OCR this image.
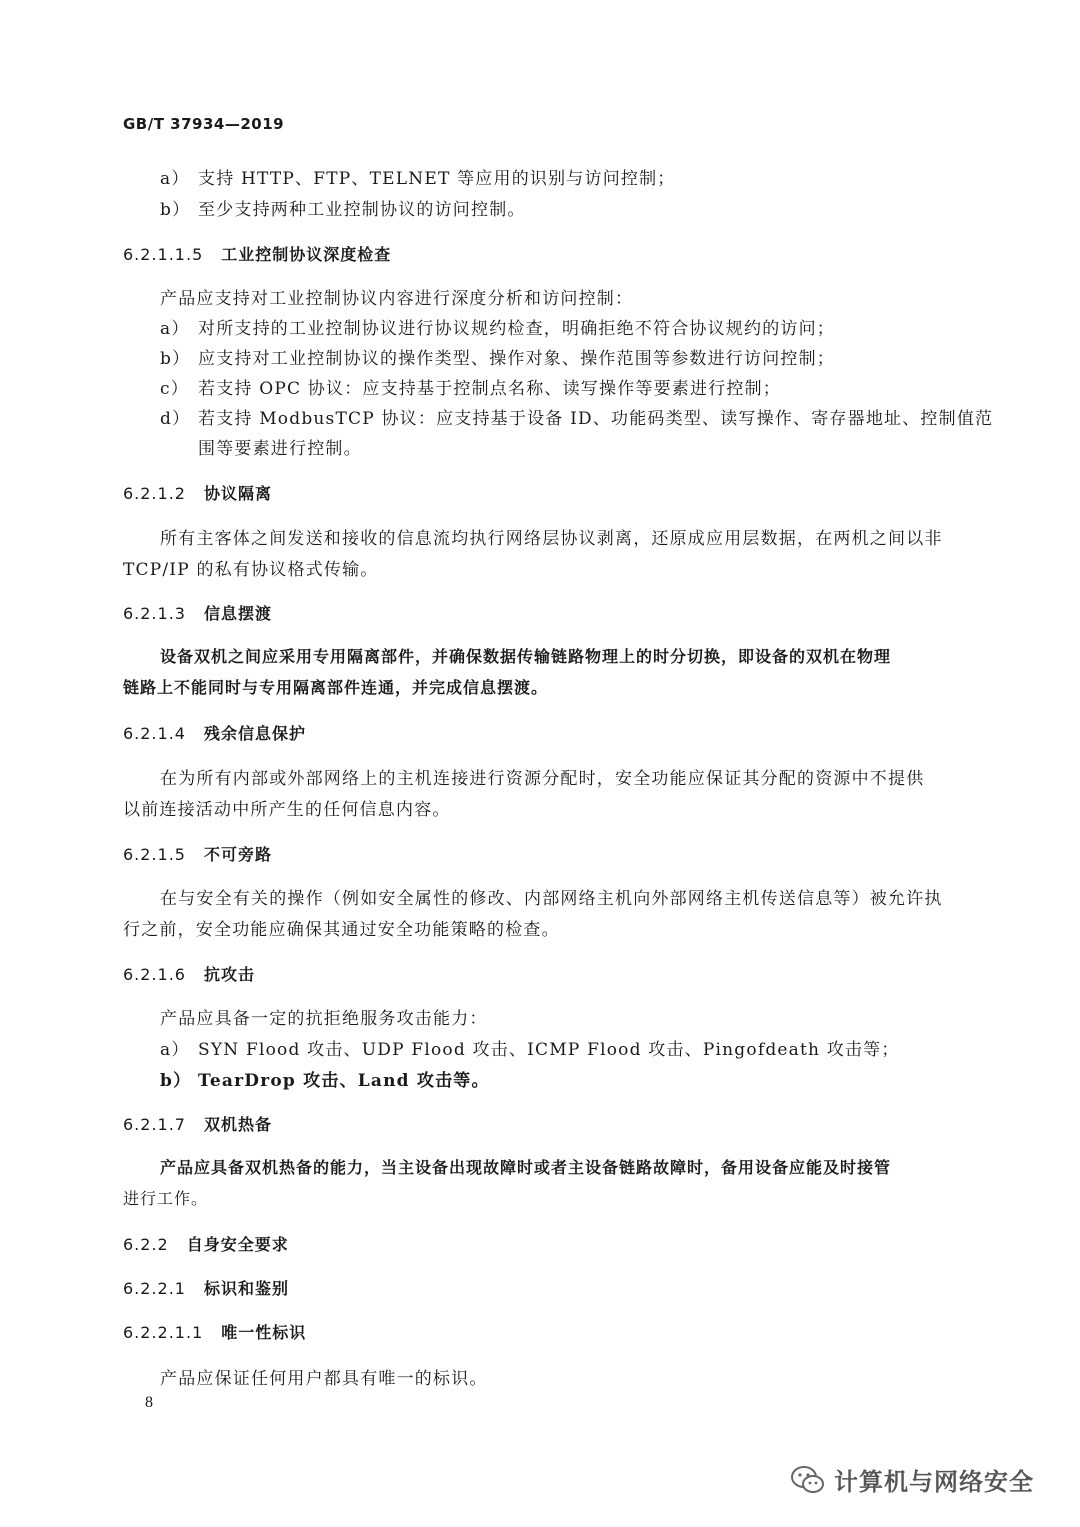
GB/T 37934—2019
a） 支持 HTTP、FTP、TELNET 等应用的识别与访问控制；
b） 至少支持两种工业控制协议的访问控制。
6.2.1.1.5 工业控制协议深度检查
产品应支持对工业控制协议内容进行深度分析和访问控制：
a） 对所支持的工业控制协议进行协议规约检查，明确拒绝不符合协议规约的访问；
b） 应支持对工业控制协议的操作类型、操作对象、操作范围等参数进行访问控制；
c） 若支持 OPC 协议：应支持基于控制点名称、读写操作等要素进行控制；
d） 若支持 ModbusTCP 协议：应支持基于设备 ID、功能码类型、读写操作、寄存器地址、控制值范
围等要素进行控制。
6.2.1.2 协议隔离
所有主客体之间发送和接收的信息流均执行网络层协议剥离，还原成应用层数据，在两机之间以非
TCP/IP 的私有协议格式传输。
6.2.1.3 信息摆渡
设备双机之间应采用专用隔离部件，并确保数据传输链路物理上的时分切换，即设备的双机在物理
链路上不能同时与专用隔离部件连通，并完成信息摆渡。
6.2.1.4 残余信息保护
在为所有内部或外部网络上的主机连接进行资源分配时，安全功能应保证其分配的资源中不提供
以前连接活动中所产生的任何信息内容。
6.2.1.5 不可旁路
在与安全有关的操作（例如安全属性的修改、内部网络主机向外部网络主机传送信息等）被允许执
行之前，安全功能应确保其通过安全功能策略的检查。
6.2.1.6 抗攻击
产品应具备一定的抗拒绝服务攻击能力：
a） SYN Flood 攻击、UDP Flood 攻击、ICMP Flood 攻击、Pingofdeath 攻击等；
b） TearDrop 攻击、Land 攻击等。
6.2.1.7 双机热备
产品应具备双机热备的能力，当主设备出现故障时或者主设备链路故障时，备用设备应能及时接管
进行工作。
6.2.2 自身安全要求
6.2.2.1 标识和鉴别
6.2.2.1.1 唯一性标识
产品应保证任何用户都具有唯一的标识。
8
计算机与网络安全
